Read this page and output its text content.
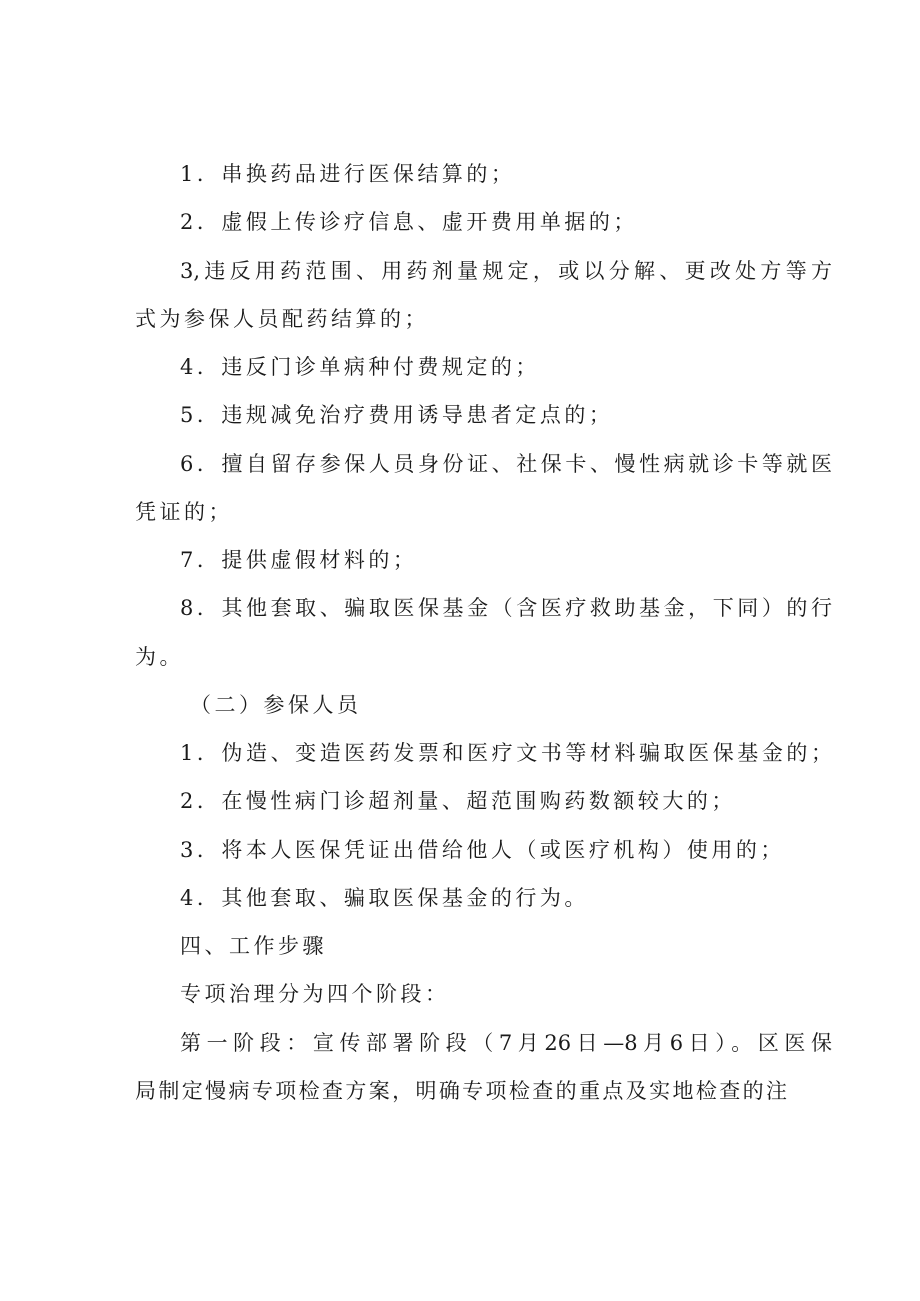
1．串换药品进行医保结算的；
2．虚假上传诊疗信息、虚开费用单据的；
3,违反用药范围、用药剂量规定，或以分解、更改处方等方
式为参保人员配药结算的；
4．违反门诊单病种付费规定的；
5．违规减免治疗费用诱导患者定点的；
6．擅自留存参保人员身份证、社保卡、慢性病就诊卡等就医
凭证的；
7．提供虚假材料的；
8．其他套取、骗取医保基金（含医疗救助基金，下同）的行
为。
（二）参保人员
1．伪造、变造医药发票和医疗文书等材料骗取医保基金的；
2．在慢性病门诊超剂量、超范围购药数额较大的；
3．将本人医保凭证出借给他人（或医疗机构）使用的；
4．其他套取、骗取医保基金的行为。
四、工作步骤
专项治理分为四个阶段：
第一阶段：宣传部署阶段（7月26日—8月6日）。区医保
局制定慢病专项检查方案，明确专项检查的重点及实地检查的注
